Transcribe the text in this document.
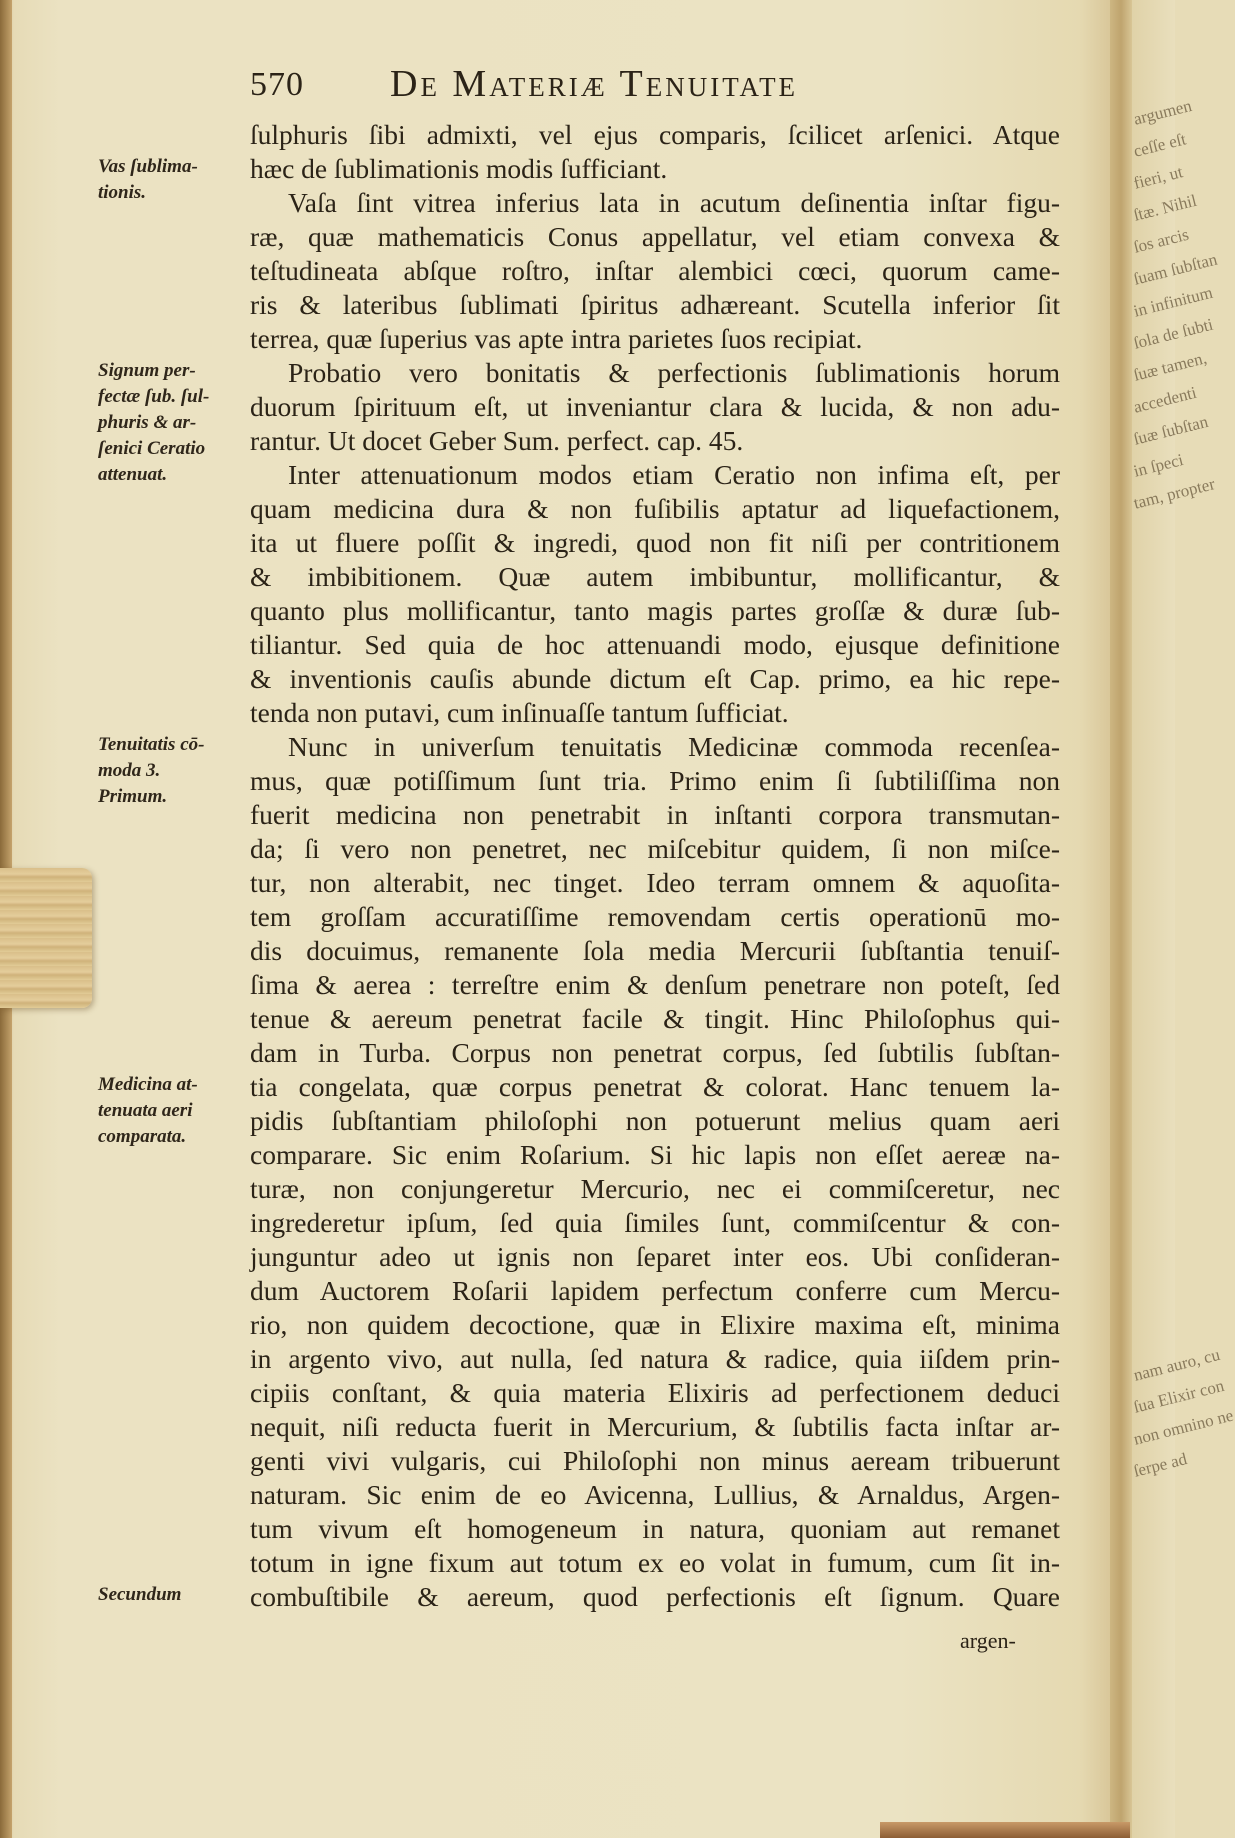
argumen
ceſſe eſt
fieri, ut
ſtæ. Nihil
ſos arcis
ſuam ſubſtan
in infinitum
ſola de ſubti
ſuæ tamen,
accedenti
ſuæ ſubſtan
in ſpeci
tam, propter
nam auro, cu
ſua Elixir con
non omnino ne
ſerpe ad
570 De Materiæ Tenuitate
ſulphuris ſibi admixti, vel ejus comparis, ſcilicet arſenici. Atque
hæc de ſublimationis modis ſufficiant.
Vaſa ſint vitrea inferius lata in acutum deſinentia inſtar figu-
ræ, quæ mathematicis Conus appellatur, vel etiam convexa &
teſtudineata abſque roſtro, inſtar alembici cœci, quorum came-
ris & lateribus ſublimati ſpiritus adhæreant. Scutella inferior ſit
terrea, quæ ſuperius vas apte intra parietes ſuos recipiat.
Probatio vero bonitatis & perfectionis ſublimationis horum
duorum ſpirituum eſt, ut inveniantur clara & lucida, & non adu-
rantur. Ut docet Geber Sum. perfect. cap. 45.
Inter attenuationum modos etiam Ceratio non infima eſt, per
quam medicina dura & non fuſibilis aptatur ad liquefactionem,
ita ut fluere poſſit & ingredi, quod non fit niſi per contritionem
& imbibitionem. Quæ autem imbibuntur, mollificantur, &
quanto plus mollificantur, tanto magis partes groſſæ & duræ ſub-
tiliantur. Sed quia de hoc attenuandi modo, ejusque definitione
& inventionis cauſis abunde dictum eſt Cap. primo, ea hic repe-
tenda non putavi, cum inſinuaſſe tantum ſufficiat.
Nunc in univerſum tenuitatis Medicinæ commoda recenſea-
mus, quæ potiſſimum ſunt tria. Primo enim ſi ſubtiliſſima non
fuerit medicina non penetrabit in inſtanti corpora transmutan-
da; ſi vero non penetret, nec miſcebitur quidem, ſi non miſce-
tur, non alterabit, nec tinget. Ideo terram omnem & aquoſita-
tem groſſam accuratiſſime removendam certis operationū mo-
dis docuimus, remanente ſola media Mercurii ſubſtantia tenuiſ-
ſima & aerea : terreſtre enim & denſum penetrare non poteſt, ſed
tenue & aereum penetrat facile & tingit. Hinc Philoſophus qui-
dam in Turba. Corpus non penetrat corpus, ſed ſubtilis ſubſtan-
tia congelata, quæ corpus penetrat & colorat. Hanc tenuem la-
pidis ſubſtantiam philoſophi non potuerunt melius quam aeri
comparare. Sic enim Roſarium. Si hic lapis non eſſet aereæ na-
turæ, non conjungeretur Mercurio, nec ei commiſceretur, nec
ingrederetur ipſum, ſed quia ſimiles ſunt, commiſcentur & con-
junguntur adeo ut ignis non ſeparet inter eos. Ubi conſideran-
dum Auctorem Roſarii lapidem perfectum conferre cum Mercu-
rio, non quidem decoctione, quæ in Elixire maxima eſt, minima
in argento vivo, aut nulla, ſed natura & radice, quia iiſdem prin-
cipiis conſtant, & quia materia Elixiris ad perfectionem deduci
nequit, niſi reducta fuerit in Mercurium, & ſubtilis facta inſtar ar-
genti vivi vulgaris, cui Philoſophi non minus aeream tribuerunt
naturam. Sic enim de eo Avicenna, Lullius, & Arnaldus, Argen-
tum vivum eſt homogeneum in natura, quoniam aut remanet
totum in igne fixum aut totum ex eo volat in fumum, cum ſit in-
combuſtibile & aereum, quod perfectionis eſt ſignum. Quare
Vas ſublima-
tionis.
Signum per-
fectæ ſub. ſul-
phuris & ar-
ſenici Ceratio
attenuat.
Tenuitatis cō-
moda 3.
Primum.
Medicina at-
tenuata aeri
comparata.
Secundum
argen-
